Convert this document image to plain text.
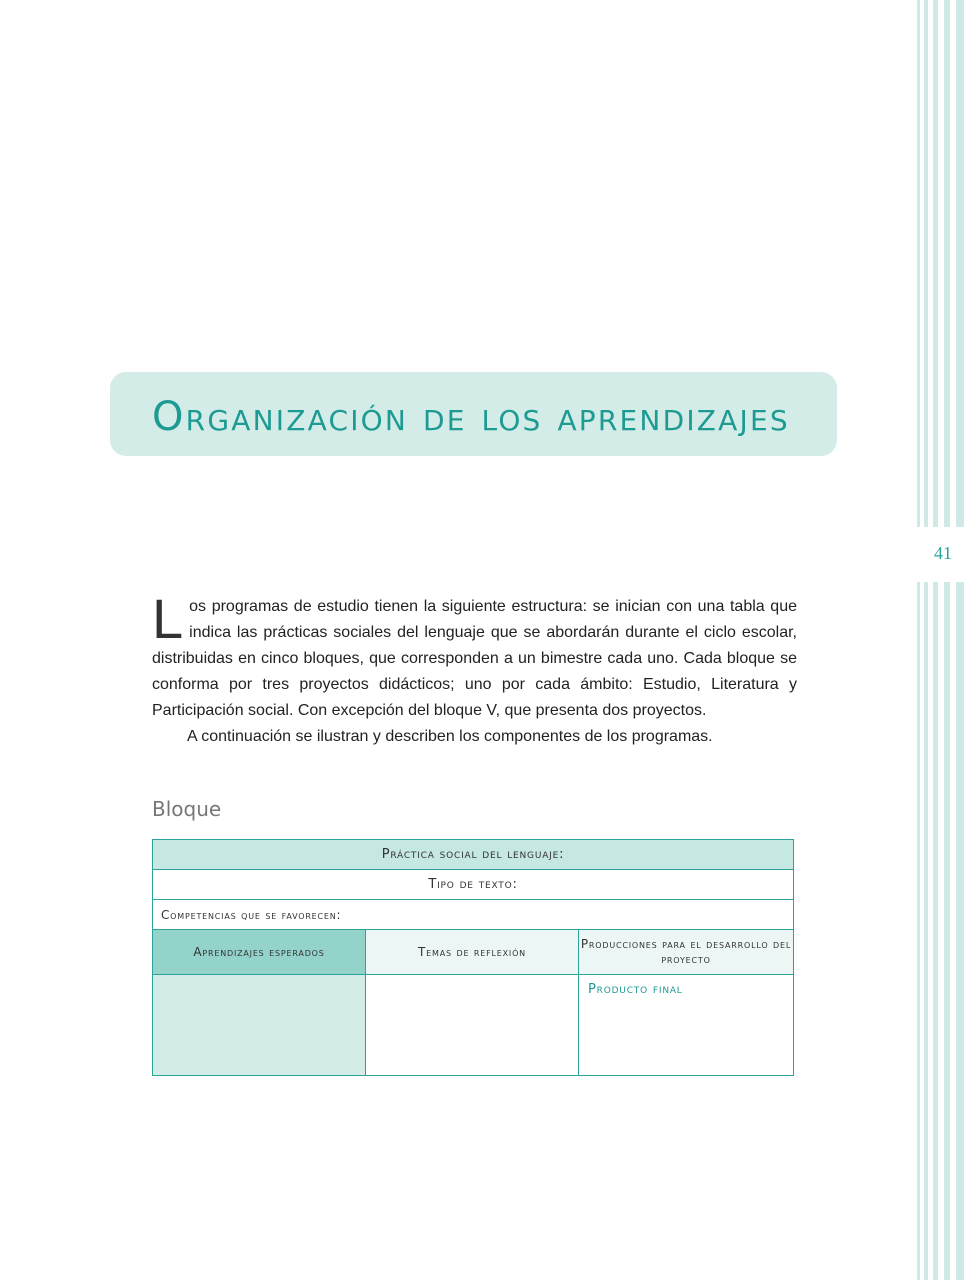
41
Organización de los aprendizajes

Los programas de estudio tienen la siguiente estructura: se inician con una tabla que indica las prácticas sociales del lenguaje que se abordarán durante el ciclo escolar, distribuidas en cinco bloques, que corresponden a un bimestre cada uno. Cada bloque se conforma por tres proyectos didácticos; uno por cada ámbito: Estudio, Literatura y Participación social. Con excepción del bloque V, que presenta dos proyectos.

A continuación se ilustran y describen los componentes de los programas.

Bloque
Práctica social del lenguaje:		
Tipo de texto:		
Competencias que se favorecen:		
Aprendizajes esperados	Temas de reflexión	Producciones para el desarrollo del proyecto

		Producto final
